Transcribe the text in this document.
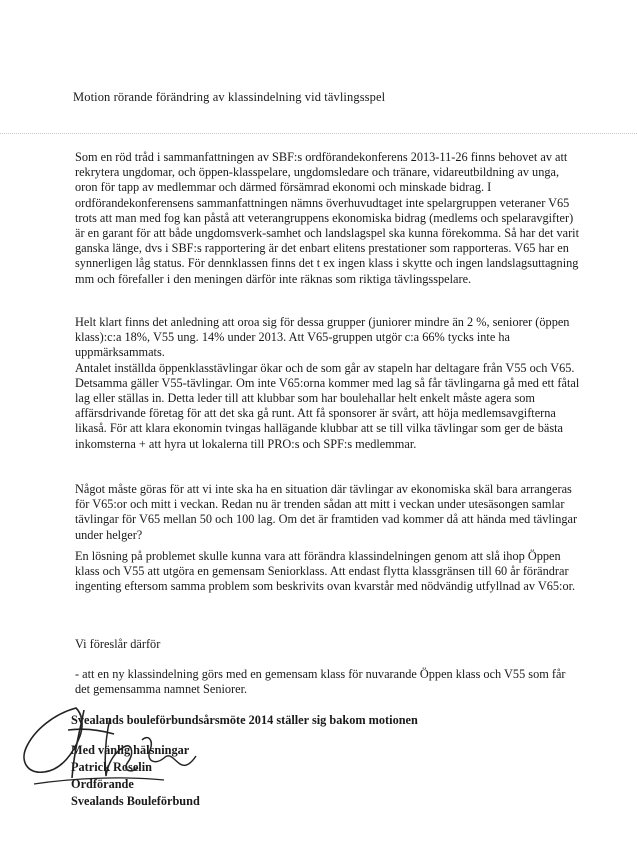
Motion rörande förändring av klassindelning vid tävlingsspel

Som en röd tråd i sammanfattningen av SBF:s ordförandekonferens 2013-11-26 finns behovet av att rekrytera ungdomar, och öppen-klasspelare, ungdomsledare och tränare, vidareutbildning av unga, oron för tapp av medlemmar och därmed försämrad ekonomi och minskade bidrag. I ordförandekonferensens sammanfattningen nämns överhuvudtaget inte spelargruppen veteraner V65 trots att man med fog kan påstå att veterangruppens ekonomiska bidrag (medlems och spelaravgifter) är en garant för att både ungdomsverk-samhet och landslagspel ska kunna förekomma. Så har det varit ganska länge, dvs i SBF:s rapportering är det enbart elitens prestationer som rapporteras. V65 har en synnerligen låg status. För dennklassen finns det t ex ingen klass i skytte och ingen landslagsuttagning mm och förefaller i den meningen därför inte räknas som riktiga tävlingsspelare.

Helt klart finns det anledning att oroa sig för dessa grupper (juniorer mindre än 2 %, seniorer (öppen klass):c:a 18%, V55 ung. 14% under 2013. Att V65-gruppen utgör c:a 66% tycks inte ha uppmärksammats.
Antalet inställda öppenklasstävlingar ökar och de som går av stapeln har deltagare från V55 och V65. Detsamma gäller V55-tävlingar. Om inte V65:orna kommer med lag så får tävlingarna gå med ett fåtal lag eller ställas in. Detta leder till att klubbar som har boulehallar helt enkelt måste agera som affärsdrivande företag för att det ska gå runt. Att få sponsorer är svårt, att höja medlemsavgifterna likaså. För att klara ekonomin tvingas hallägande klubbar att se till vilka tävlingar som ger de bästa inkomsterna + att hyra ut lokalerna till PRO:s och SPF:s medlemmar.

Något måste göras för att vi inte ska ha en situation där tävlingar av ekonomiska skäl bara arrangeras för V65:or och mitt i veckan. Redan nu är trenden sådan att mitt i veckan under utesäsongen samlar tävlingar för V65 mellan 50 och 100 lag. Om det är framtiden vad kommer då att hända med tävlingar under helger?

En lösning på problemet skulle kunna vara att förändra klassindelningen genom att slå ihop Öppen klass och V55 att utgöra en gemensam Seniorklass. Att endast flytta klassgränsen till 60 år förändrar ingenting eftersom samma problem som beskrivits ovan kvarstår med nödvändig utfyllnad av V65:or.

Vi föreslår därför

- att en ny klassindelning görs med en gemensam klass för nuvarande Öppen klass och V55 som får det gemensamma namnet Seniorer.

Svealands bouleförbundsårsmöte 2014 ställer sig bakom motionen
Med vänlig hälsningar
Patrick Roselin
Ordförande
Svealands Bouleförbund
